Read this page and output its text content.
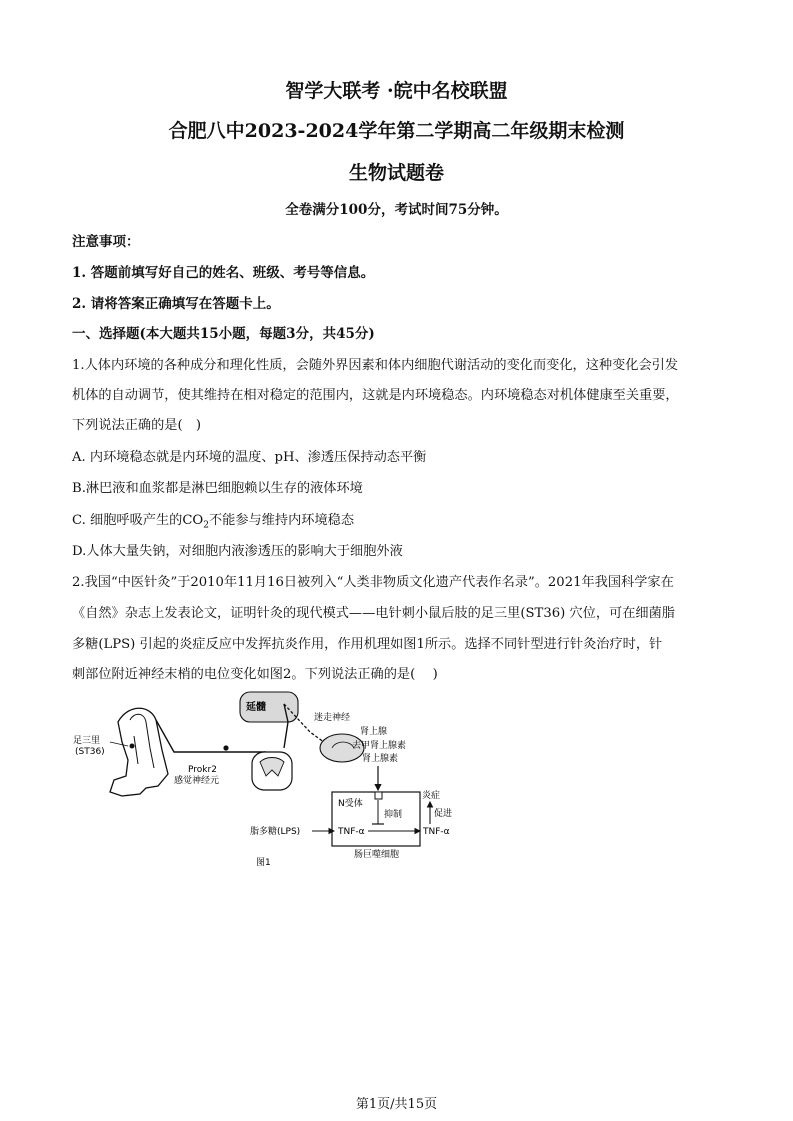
智学大联考 ·皖中名校联盟
合肥八中2023-2024学年第二学期高二年级期末检测
生物试题卷
全卷满分100分，考试时间75分钟。
注意事项：
1. 答题前填写好自己的姓名、班级、考号等信息。
2. 请将答案正确填写在答题卡上。
一、选择题(本大题共15小题，每题3分，共45分)
1.人体内环境的各种成分和理化性质，会随外界因素和体内细胞代谢活动的变化而变化，这种变化会引发
机体的自动调节，使其维持在相对稳定的范围内，这就是内环境稳态。内环境稳态对机体健康至关重要，
下列说法正确的是(　)
A. 内环境稳态就是内环境的温度、pH、渗透压保持动态平衡
B.淋巴液和血浆都是淋巴细胞赖以生存的液体环境
C. 细胞呼吸产生的$CO_2$不能参与维持内环境稳态
D.人体大量失钠，对细胞内液渗透压的影响大于细胞外液
2.我国“中医针灸”于2010年11月16日被列入“人类非物质文化遗产代表作名录”。2021年我国科学家在
《自然》杂志上发表论文，证明针灸的现代模式——电针刺小鼠后肢的足三里(ST36) 穴位，可在细菌脂
多糖(LPS) 引起的炎症反应中发挥抗炎作用，作用机理如图1所示。选择不同针型进行针灸治疗时，针
刺部位附近神经末梢的电位变化如图2。下列说法正确的是(　 )
足三里
(ST36)
Prokr2
感觉神经元
延髓
迷走神经
肾上腺
去甲肾上腺素
肾上腺素
N受体
抑制
TNF-α	TNF-α
肠巨噬细胞
脂多糖(LPS)
促进
炎症
图1
第1页/共15页
